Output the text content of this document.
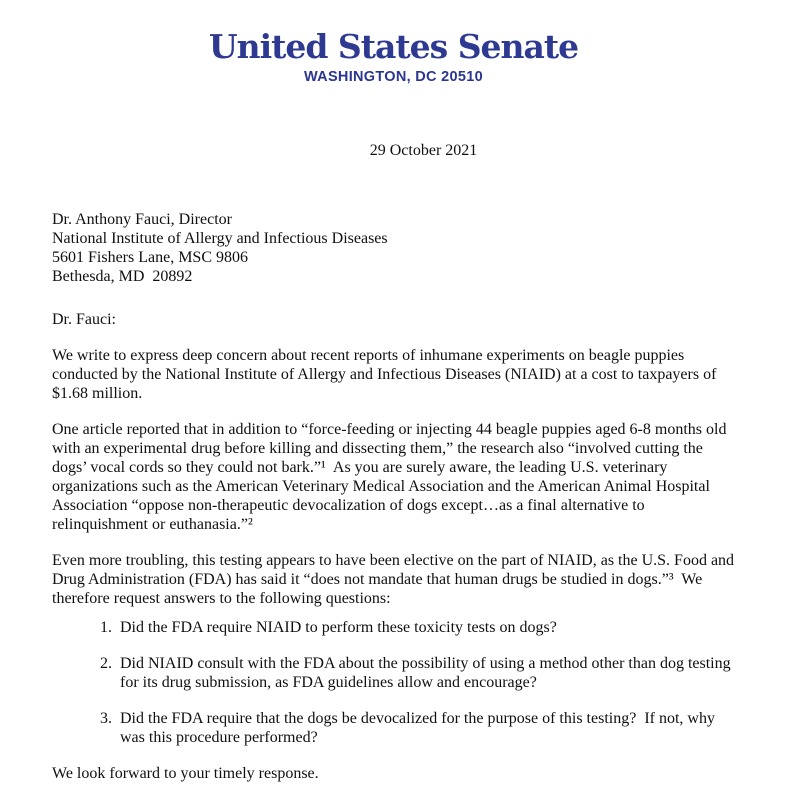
United States Senate
WASHINGTON, DC 20510
29 October 2021
Dr. Anthony Fauci, Director
National Institute of Allergy and Infectious Diseases
5601 Fishers Lane, MSC 9806
Bethesda, MD  20892
Dr. Fauci:

We write to express deep concern about recent reports of inhumane experiments on beagle puppies conducted by the National Institute of Allergy and Infectious Diseases (NIAID) at a cost to taxpayers of $1.68 million.

One article reported that in addition to “force-feeding or injecting 44 beagle puppies aged 6-8 months old with an experimental drug before killing and dissecting them,” the research also “involved cutting the dogs’ vocal cords so they could not bark.”¹  As you are surely aware, the leading U.S. veterinary organizations such as the American Veterinary Medical Association and the American Animal Hospital Association “oppose non-therapeutic devocalization of dogs except…as a final alternative to relinquishment or euthanasia.”²

Even more troubling, this testing appears to have been elective on the part of NIAID, as the U.S. Food and Drug Administration (FDA) has said it “does not mandate that human drugs be studied in dogs.”³  We therefore request answers to the following questions:

1. Did the FDA require NIAID to perform these toxicity tests on dogs?
2. Did NIAID consult with the FDA about the possibility of using a method other than dog testing for its drug submission, as FDA guidelines allow and encourage?
3. Did the FDA require that the dogs be devocalized for the purpose of this testing?  If not, why was this procedure performed?

We look forward to your timely response.
